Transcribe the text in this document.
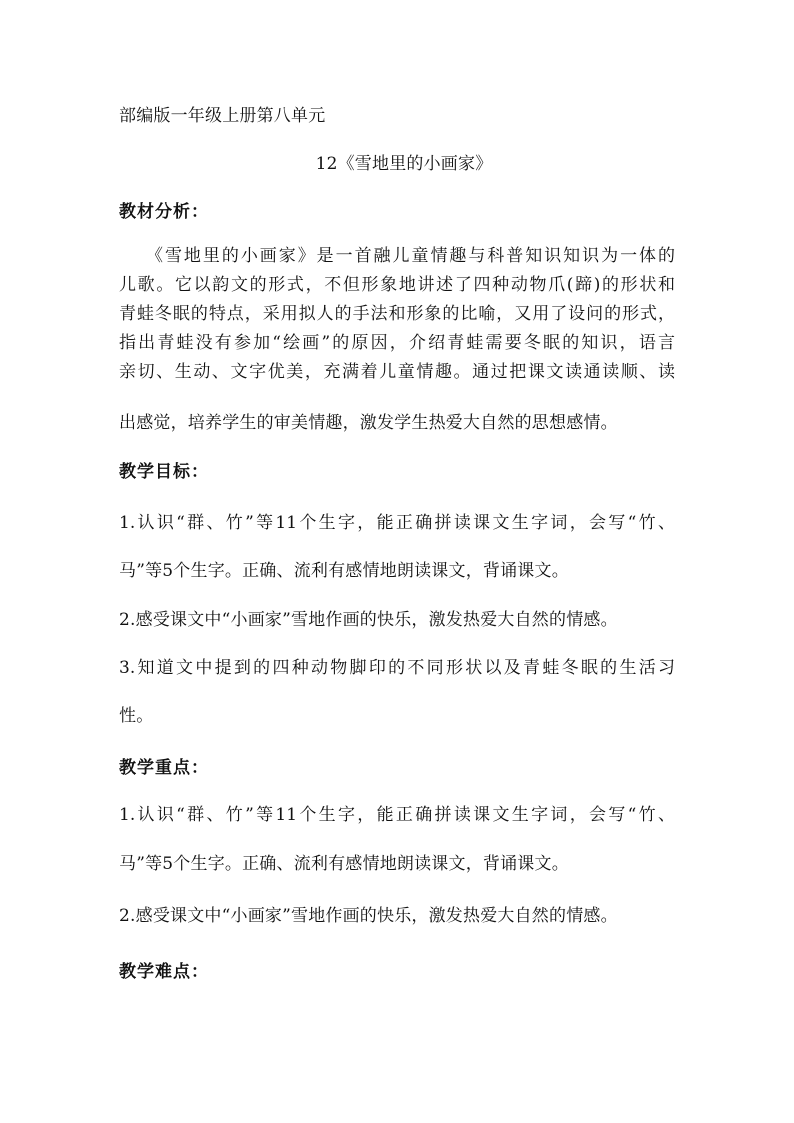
部编版一年级上册第八单元
12《雪地里的小画家》
教材分析：
《雪地里的小画家》是一首融儿童情趣与科普知识知识为一体的
儿歌。它以韵文的形式，不但形象地讲述了四种动物爪(蹄)的形状和
青蛙冬眠的特点，采用拟人的手法和形象的比喻，又用了设问的形式，
指出青蛙没有参加“绘画”的原因，介绍青蛙需要冬眠的知识，语言
亲切、生动、文字优美，充满着儿童情趣。通过把课文读通读顺、读
出感觉，培养学生的审美情趣，激发学生热爱大自然的思想感情。
教学目标：
1.认识“群、竹”等11个生字，能正确拼读课文生字词，会写“竹、
马”等5个生字。正确、流利有感情地朗读课文，背诵课文。
2.感受课文中“小画家”雪地作画的快乐，激发热爱大自然的情感。
3.知道文中提到的四种动物脚印的不同形状以及青蛙冬眠的生活习
性。
教学重点：
1.认识“群、竹”等11个生字，能正确拼读课文生字词，会写“竹、
马”等5个生字。正确、流利有感情地朗读课文，背诵课文。
2.感受课文中“小画家”雪地作画的快乐，激发热爱大自然的情感。
教学难点：
